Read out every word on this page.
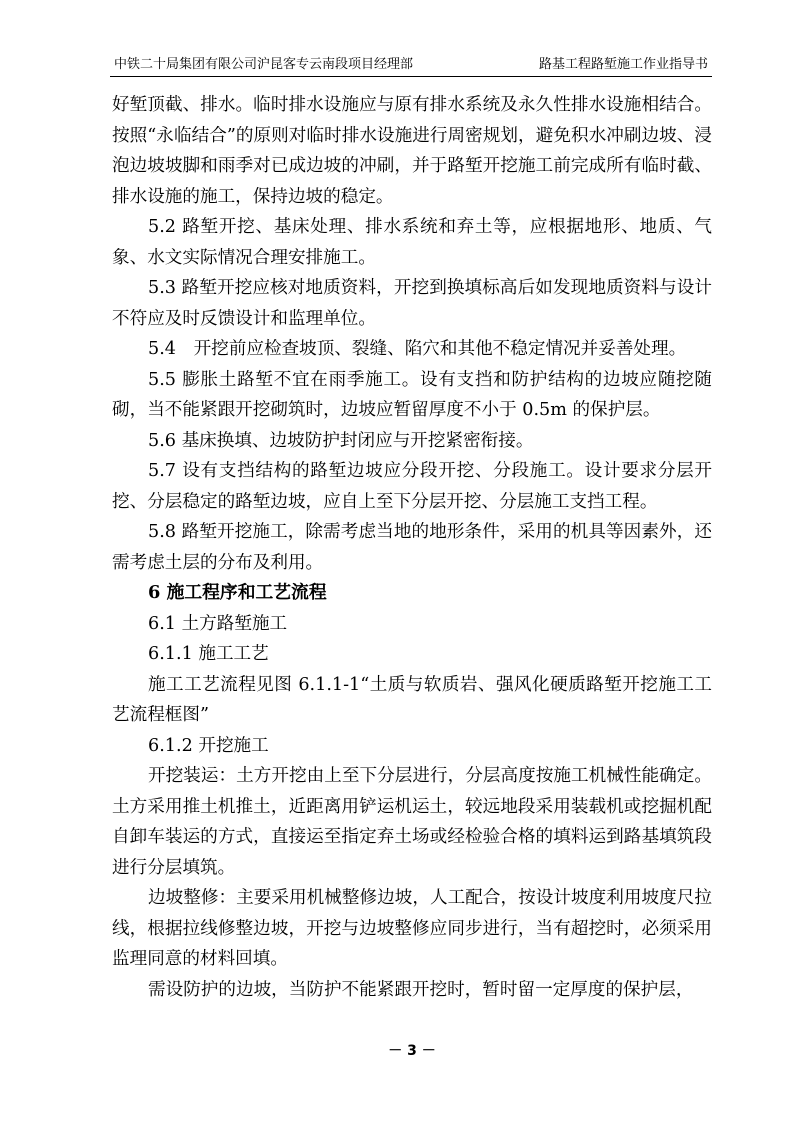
中铁二十局集团有限公司沪昆客专云南段项目经理部	路基工程路堑施工作业指导书

好堑顶截、排水。临时排水设施应与原有排水系统及永久性排水设施相结合。按照“永临结合”的原则对临时排水设施进行周密规划，避免积水冲刷边坡、浸泡边坡坡脚和雨季对已成边坡的冲刷，并于路堑开挖施工前完成所有临时截、排水设施的施工，保持边坡的稳定。

5.2 路堑开挖、基床处理、排水系统和弃土等，应根据地形、地质、气象、水文实际情况合理安排施工。

5.3 路堑开挖应核对地质资料，开挖到换填标高后如发现地质资料与设计不符应及时反馈设计和监理单位。

5.4　开挖前应检查坡顶、裂缝、陷穴和其他不稳定情况并妥善处理。

5.5 膨胀土路堑不宜在雨季施工。设有支挡和防护结构的边坡应随挖随砌，当不能紧跟开挖砌筑时，边坡应暂留厚度不小于 0.5m 的保护层。

5.6 基床换填、边坡防护封闭应与开挖紧密衔接。

5.7 设有支挡结构的路堑边坡应分段开挖、分段施工。设计要求分层开挖、分层稳定的路堑边坡，应自上至下分层开挖、分层施工支挡工程。

5.8 路堑开挖施工，除需考虑当地的地形条件，采用的机具等因素外，还需考虑土层的分布及利用。

6 施工程序和工艺流程

6.1 土方路堑施工

6.1.1 施工工艺

施工工艺流程见图 6.1.1-1“土质与软质岩、强风化硬质路堑开挖施工工艺流程框图”

6.1.2 开挖施工

开挖装运：土方开挖由上至下分层进行，分层高度按施工机械性能确定。土方采用推土机推土，近距离用铲运机运土，较远地段采用装载机或挖掘机配自卸车装运的方式，直接运至指定弃土场或经检验合格的填料运到路基填筑段进行分层填筑。

边坡整修：主要采用机械整修边坡，人工配合，按设计坡度利用坡度尺拉线，根据拉线修整边坡，开挖与边坡整修应同步进行，当有超挖时，必须采用监理同意的材料回填。

需设防护的边坡，当防护不能紧跟开挖时，暂时留一定厚度的保护层，

－ 3 －
